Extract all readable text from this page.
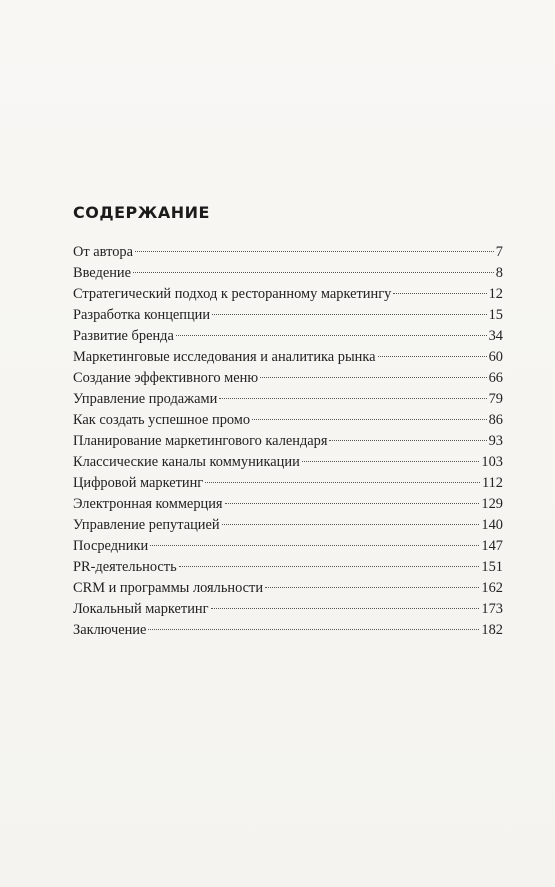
СОДЕРЖАНИЕ
От автора	7
Введение	8
Стратегический подход к ресторанному маркетингу	12
Разработка концепции	15
Развитие бренда	34
Маркетинговые исследования и аналитика рынка	60
Создание эффективного меню	66
Управление продажами	79
Как создать успешное промо	86
Планирование маркетингового календаря	93
Классические каналы коммуникации	103
Цифровой маркетинг	112
Электронная коммерция	129
Управление репутацией	140
Посредники	147
PR-деятельность	151
CRM и программы лояльности	162
Локальный маркетинг	173
Заключение	182
